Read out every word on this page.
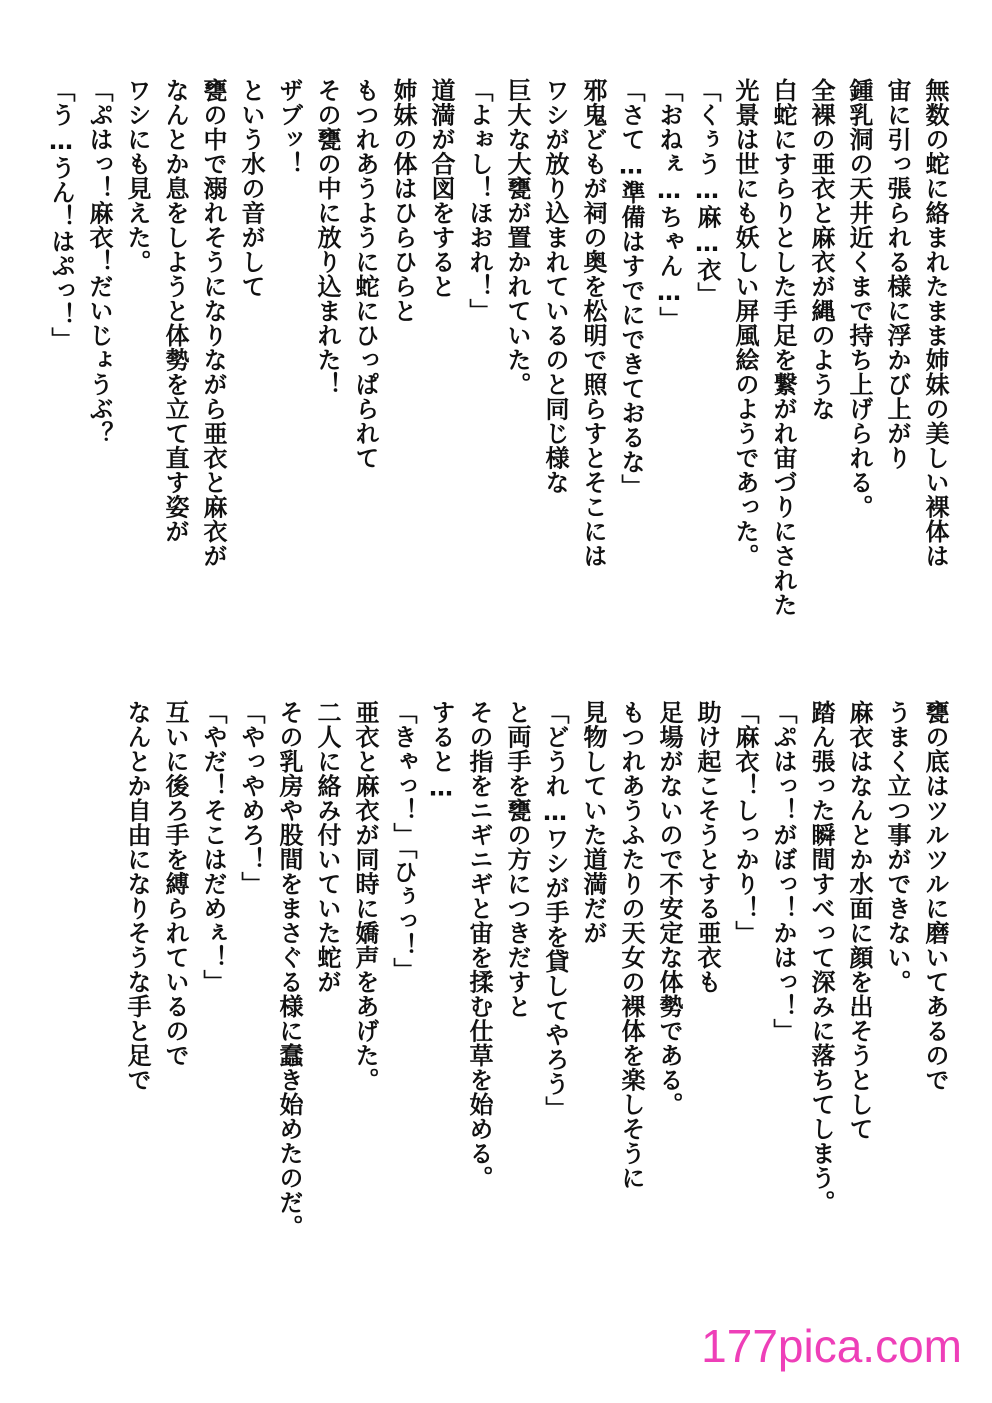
無数の蛇に絡まれたまま姉妹の美しい裸体は
宙に引っ張られる様に浮かび上がり
鍾乳洞の天井近くまで持ち上げられる。
全裸の亜衣と麻衣が縄のような
白蛇にすらりとした手足を繋がれ宙づりにされた
光景は世にも妖しい屏風絵のようであった。
「くぅう…麻…衣」
「おねぇ…ちゃん…」
「さて…準備はすでにできておるな」
邪鬼どもが祠の奥を松明で照らすとそこには
ワシが放り込まれているのと同じ様な
巨大な大甕が置かれていた。
「よぉし！ほおれ！」
道満が合図をすると
姉妹の体はひらひらと
もつれあうように蛇にひっぱられて
その甕の中に放り込まれた！
ザブッ！
という水の音がして
甕の中で溺れそうになりながら亜衣と麻衣が
なんとか息をしようと体勢を立て直す姿が
ワシにも見えた。
「ぷはっ！麻衣！だいじょうぶ？
「う…うん！はぷっ！」
甕の底はツルツルに磨いてあるので
うまく立つ事ができない。
麻衣はなんとか水面に顔を出そうとして
踏ん張った瞬間すべって深みに落ちてしまう。
「ぷはっ！がぼっ！かはっ！」
「麻衣！しっかり！」
助け起こそうとする亜衣も
足場がないので不安定な体勢である。
もつれあうふたりの天女の裸体を楽しそうに
見物していた道満だが
「どうれ…ワシが手を貸してやろう」
と両手を甕の方につきだすと
その指をニギニギと宙を揉む仕草を始める。
すると…
「きゃっ！」「ひぅっ！」
亜衣と麻衣が同時に嬌声をあげた。
二人に絡み付いていた蛇が
その乳房や股間をまさぐる様に蠢き始めたのだ。
「やっやめろ！」
「やだ！そこはだめぇ！」
互いに後ろ手を縛られているので
なんとか自由になりそうな手と足で
177pica.com
